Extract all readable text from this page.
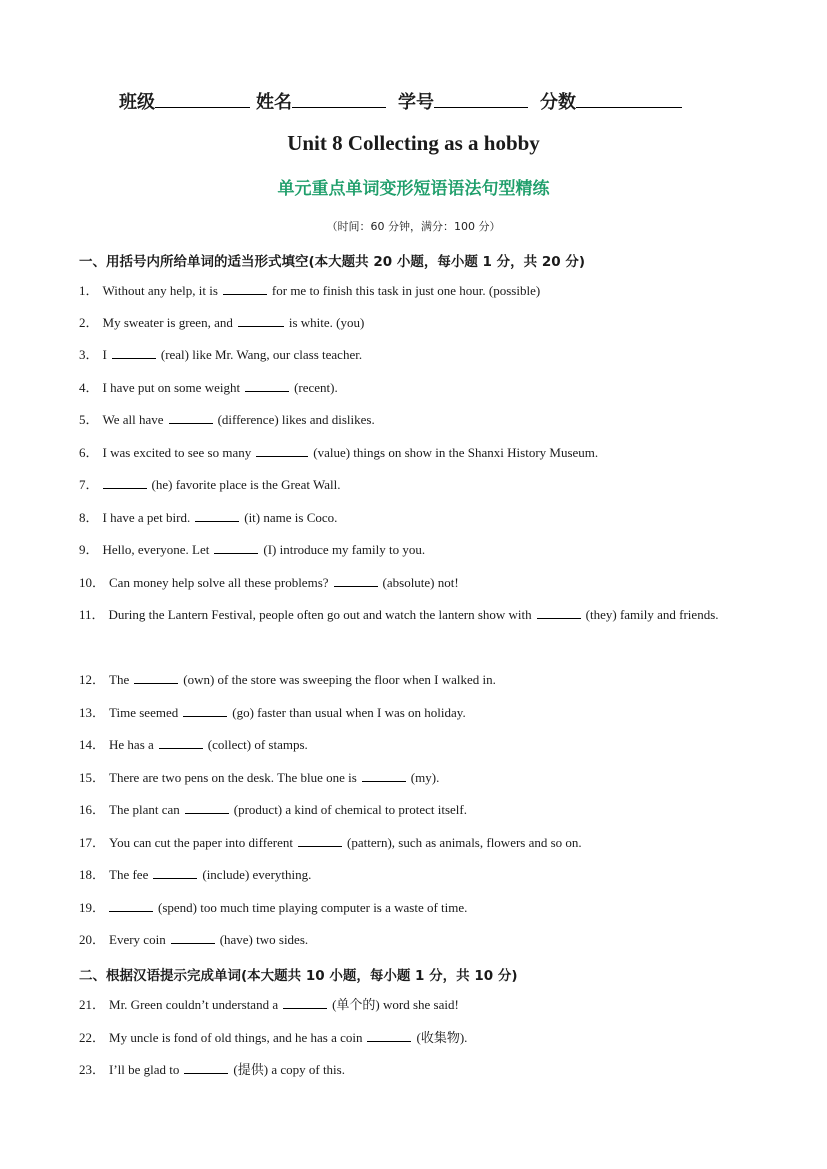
班级	姓名	学号	分数
Unit 8 Collecting as a hobby
单元重点单词变形短语语法句型精练
（时间：60 分钟，满分：100 分）
一、用括号内所给单词的适当形式填空(本大题共 20 小题，每小题 1 分，共 20 分)
1． Without any help, it is	for me to finish this task in just one hour. (possible)
2． My sweater is green, and	is white. (you)
3． I	(real) like Mr. Wang, our class teacher.
4． I have put on some weight	(recent).
5． We all have	(difference) likes and dislikes.
6． I was excited to see so many	(value) things on show in the Shanxi History Museum.
7．	(he) favorite place is the Great Wall.
8． I have a pet bird.	(it) name is Coco.
9． Hello, everyone. Let	(I) introduce my family to you.
10． Can money help solve all these problems?	(absolute) not!
11． During the Lantern Festival, people often go out and watch the lantern show with	(they) family and friends.
12． The	(own) of the store was sweeping the floor when I walked in.
13． Time seemed	(go) faster than usual when I was on holiday.
14． He has a	(collect) of stamps.
15． There are two pens on the desk. The blue one is	(my).
16． The plant can	(product) a kind of chemical to protect itself.
17． You can cut the paper into different	(pattern), such as animals, flowers and so on.
18． The fee	(include) everything.
19．	(spend) too much time playing computer is a waste of time.
20． Every coin	(have) two sides.
二、根据汉语提示完成单词(本大题共 10 小题，每小题 1 分，共 10 分)
21． Mr. Green couldn’t understand a	(单个的) word she said!
22． My uncle is fond of old things, and he has a coin	(收集物).
23． I’ll be glad to	(提供) a copy of this.
